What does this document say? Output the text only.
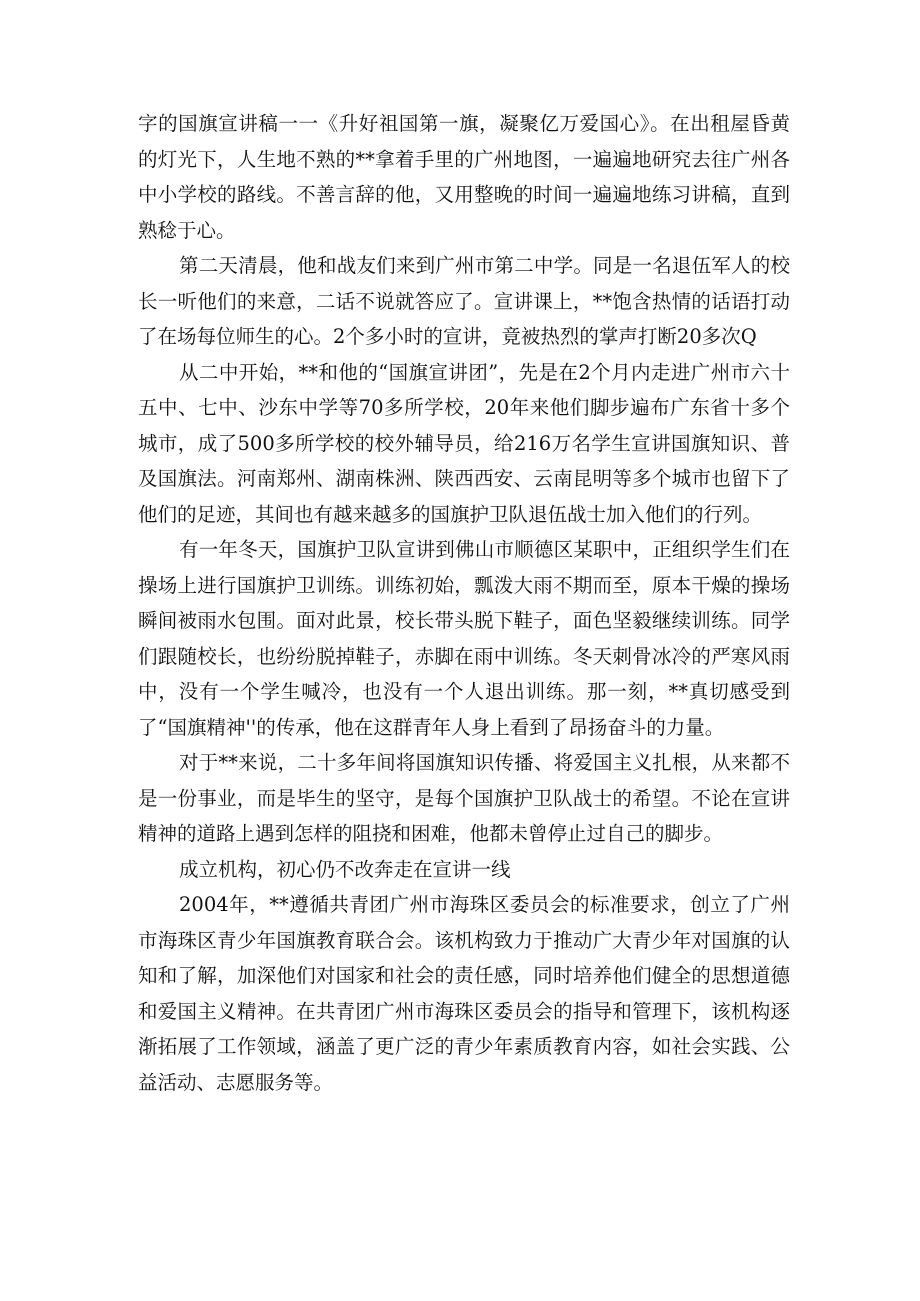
字的国旗宣讲稿一一《升好祖国第一旗，凝聚亿万爱国心》。在出租屋昏黄的灯光下，人生地不熟的**拿着手里的广州地图，一遍遍地研究去往广州各中小学校的路线。不善言辞的他，又用整晚的时间一遍遍地练习讲稿，直到熟稔于心。

第二天清晨，他和战友们来到广州市第二中学。同是一名退伍军人的校长一听他们的来意，二话不说就答应了。宣讲课上，**饱含热情的话语打动了在场每位师生的心。2个多小时的宣讲，竟被热烈的掌声打断20多次Q

从二中开始，**和他的“国旗宣讲团”，先是在2个月内走进广州市六十五中、七中、沙东中学等70多所学校，20年来他们脚步遍布广东省十多个城市，成了500多所学校的校外辅导员，给216万名学生宣讲国旗知识、普及国旗法。河南郑州、湖南株洲、陕西西安、云南昆明等多个城市也留下了他们的足迹，其间也有越来越多的国旗护卫队退伍战士加入他们的行列。

有一年冬天，国旗护卫队宣讲到佛山市顺德区某职中，正组织学生们在操场上进行国旗护卫训练。训练初始，瓢泼大雨不期而至，原本干燥的操场瞬间被雨水包围。面对此景，校长带头脱下鞋子，面色坚毅继续训练。同学们跟随校长，也纷纷脱掉鞋子，赤脚在雨中训练。冬天刺骨冰冷的严寒风雨中，没有一个学生喊冷，也没有一个人退出训练。那一刻，**真切感受到了“国旗精神''的传承，他在这群青年人身上看到了昂扬奋斗的力量。

对于**来说，二十多年间将国旗知识传播、将爱国主义扎根，从来都不是一份事业，而是毕生的坚守，是每个国旗护卫队战士的希望。不论在宣讲精神的道路上遇到怎样的阻挠和困难，他都未曾停止过自己的脚步。

成立机构，初心仍不改奔走在宣讲一线

2004年，**遵循共青团广州市海珠区委员会的标准要求，创立了广州市海珠区青少年国旗教育联合会。该机构致力于推动广大青少年对国旗的认知和了解，加深他们对国家和社会的责任感，同时培养他们健全的思想道德和爱国主义精神。在共青团广州市海珠区委员会的指导和管理下，该机构逐渐拓展了工作领域，涵盖了更广泛的青少年素质教育内容，如社会实践、公益活动、志愿服务等。
